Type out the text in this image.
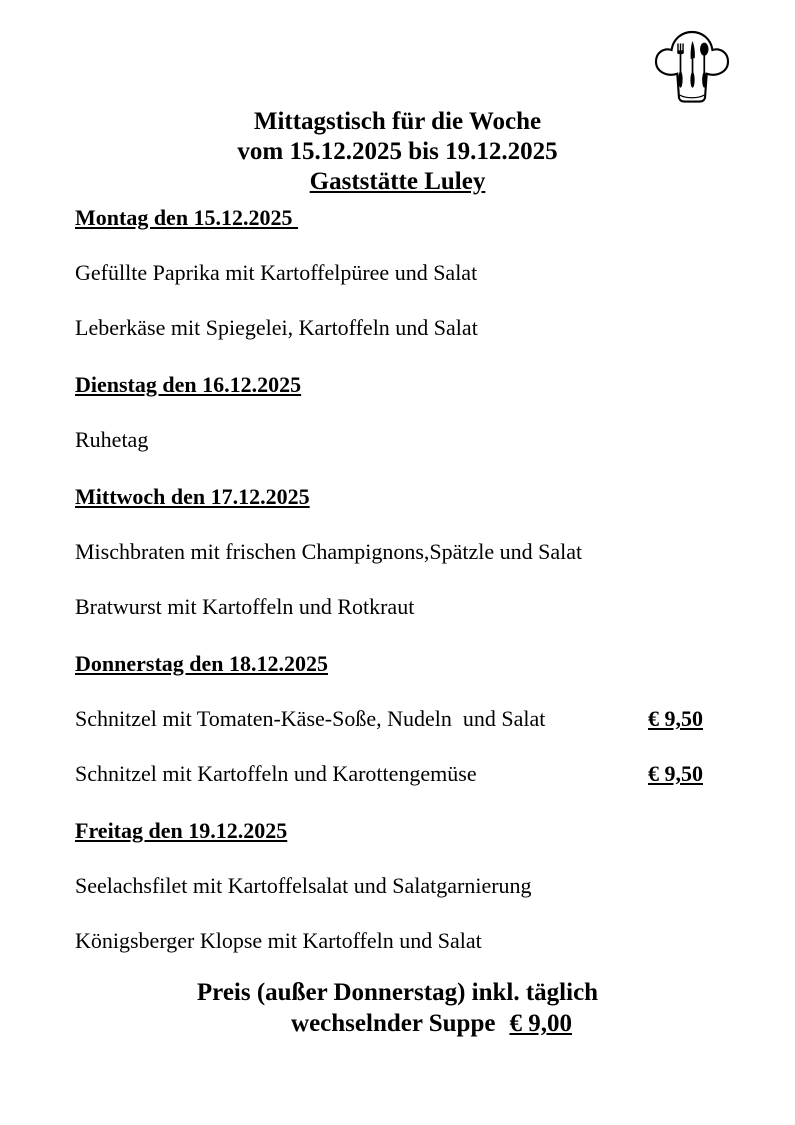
Mittagstisch für die Woche
vom 15.12.2025 bis 19.12.2025
Gaststätte Luley
Montag den 15.12.2025

Gefüllte Paprika mit Kartoffelpüree und Salat

Leberkäse mit Spiegelei, Kartoffeln und Salat

Dienstag den 16.12.2025

Ruhetag

Mittwoch den 17.12.2025

Mischbraten mit frischen Champignons,Spätzle und Salat

Bratwurst mit Kartoffeln und Rotkraut

Donnerstag den 18.12.2025

Schnitzel mit Tomaten-Käse-Soße, Nudeln  und Salat	€ 9,50

Schnitzel mit Kartoffeln und Karottengemüse	€ 9,50

Freitag den 19.12.2025

Seelachsfilet mit Kartoffelsalat und Salatgarnierung

Königsberger Klopse mit Kartoffeln und Salat

Preis (außer Donnerstag) inkl. täglich
wechselnder Suppe € 9,00
